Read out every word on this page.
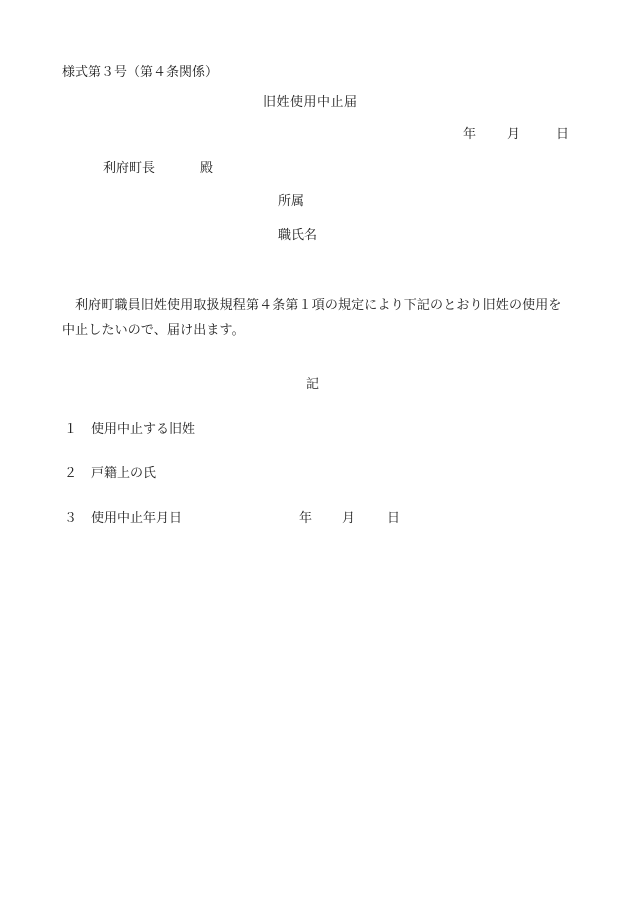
様式第３号（第４条関係）
旧姓使用中止届
年 月	日
利府町長	殿
所属
職氏名
利府町職員旧姓使用取扱規程第４条第１項の規定により下記のとおり旧姓の使用を中止したいので、届け出ます。
記
１	使用中止する旧姓
２	戸籍上の氏
３	使用中止年月日	年 月 日
